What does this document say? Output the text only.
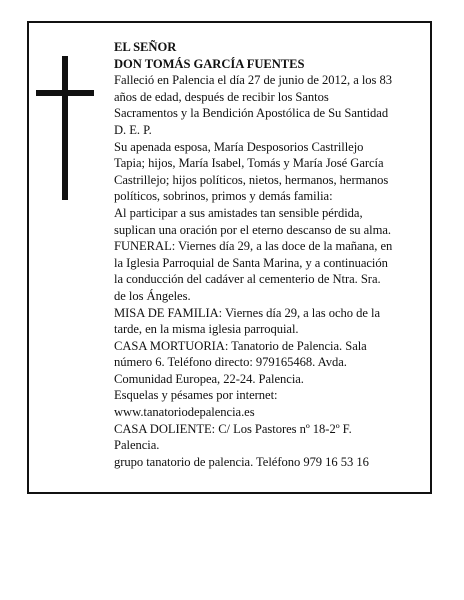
EL SEÑOR
DON TOMÁS GARCÍA FUENTES
Falleció en Palencia el día 27 de junio de 2012, a los 83
años de edad, después de recibir los Santos
Sacramentos y la Bendición Apostólica de Su Santidad
D. E. P.
Su apenada esposa, María Desposorios Castrillejo
Tapia; hijos, María Isabel, Tomás y María José García
Castrillejo; hijos políticos, nietos, hermanos, hermanos
políticos, sobrinos, primos y demás familia:
Al participar a sus amistades tan sensible pérdida,
suplican una oración por el eterno descanso de su alma.
FUNERAL: Viernes día 29, a las doce de la mañana, en
la Iglesia Parroquial de Santa Marina, y a continuación
la conducción del cadáver al cementerio de Ntra. Sra.
de los Ángeles.
MISA DE FAMILIA: Viernes día 29, a las ocho de la
tarde, en la misma iglesia parroquial.
CASA MORTUORIA: Tanatorio de Palencia. Sala
número 6. Teléfono directo: 979165468. Avda.
Comunidad Europea, 22-24. Palencia.
Esquelas y pésames por internet:
www.tanatoriodepalencia.es
CASA DOLIENTE: C/ Los Pastores nº 18-2º F.
Palencia.
grupo tanatorio de palencia. Teléfono 979 16 53 16
